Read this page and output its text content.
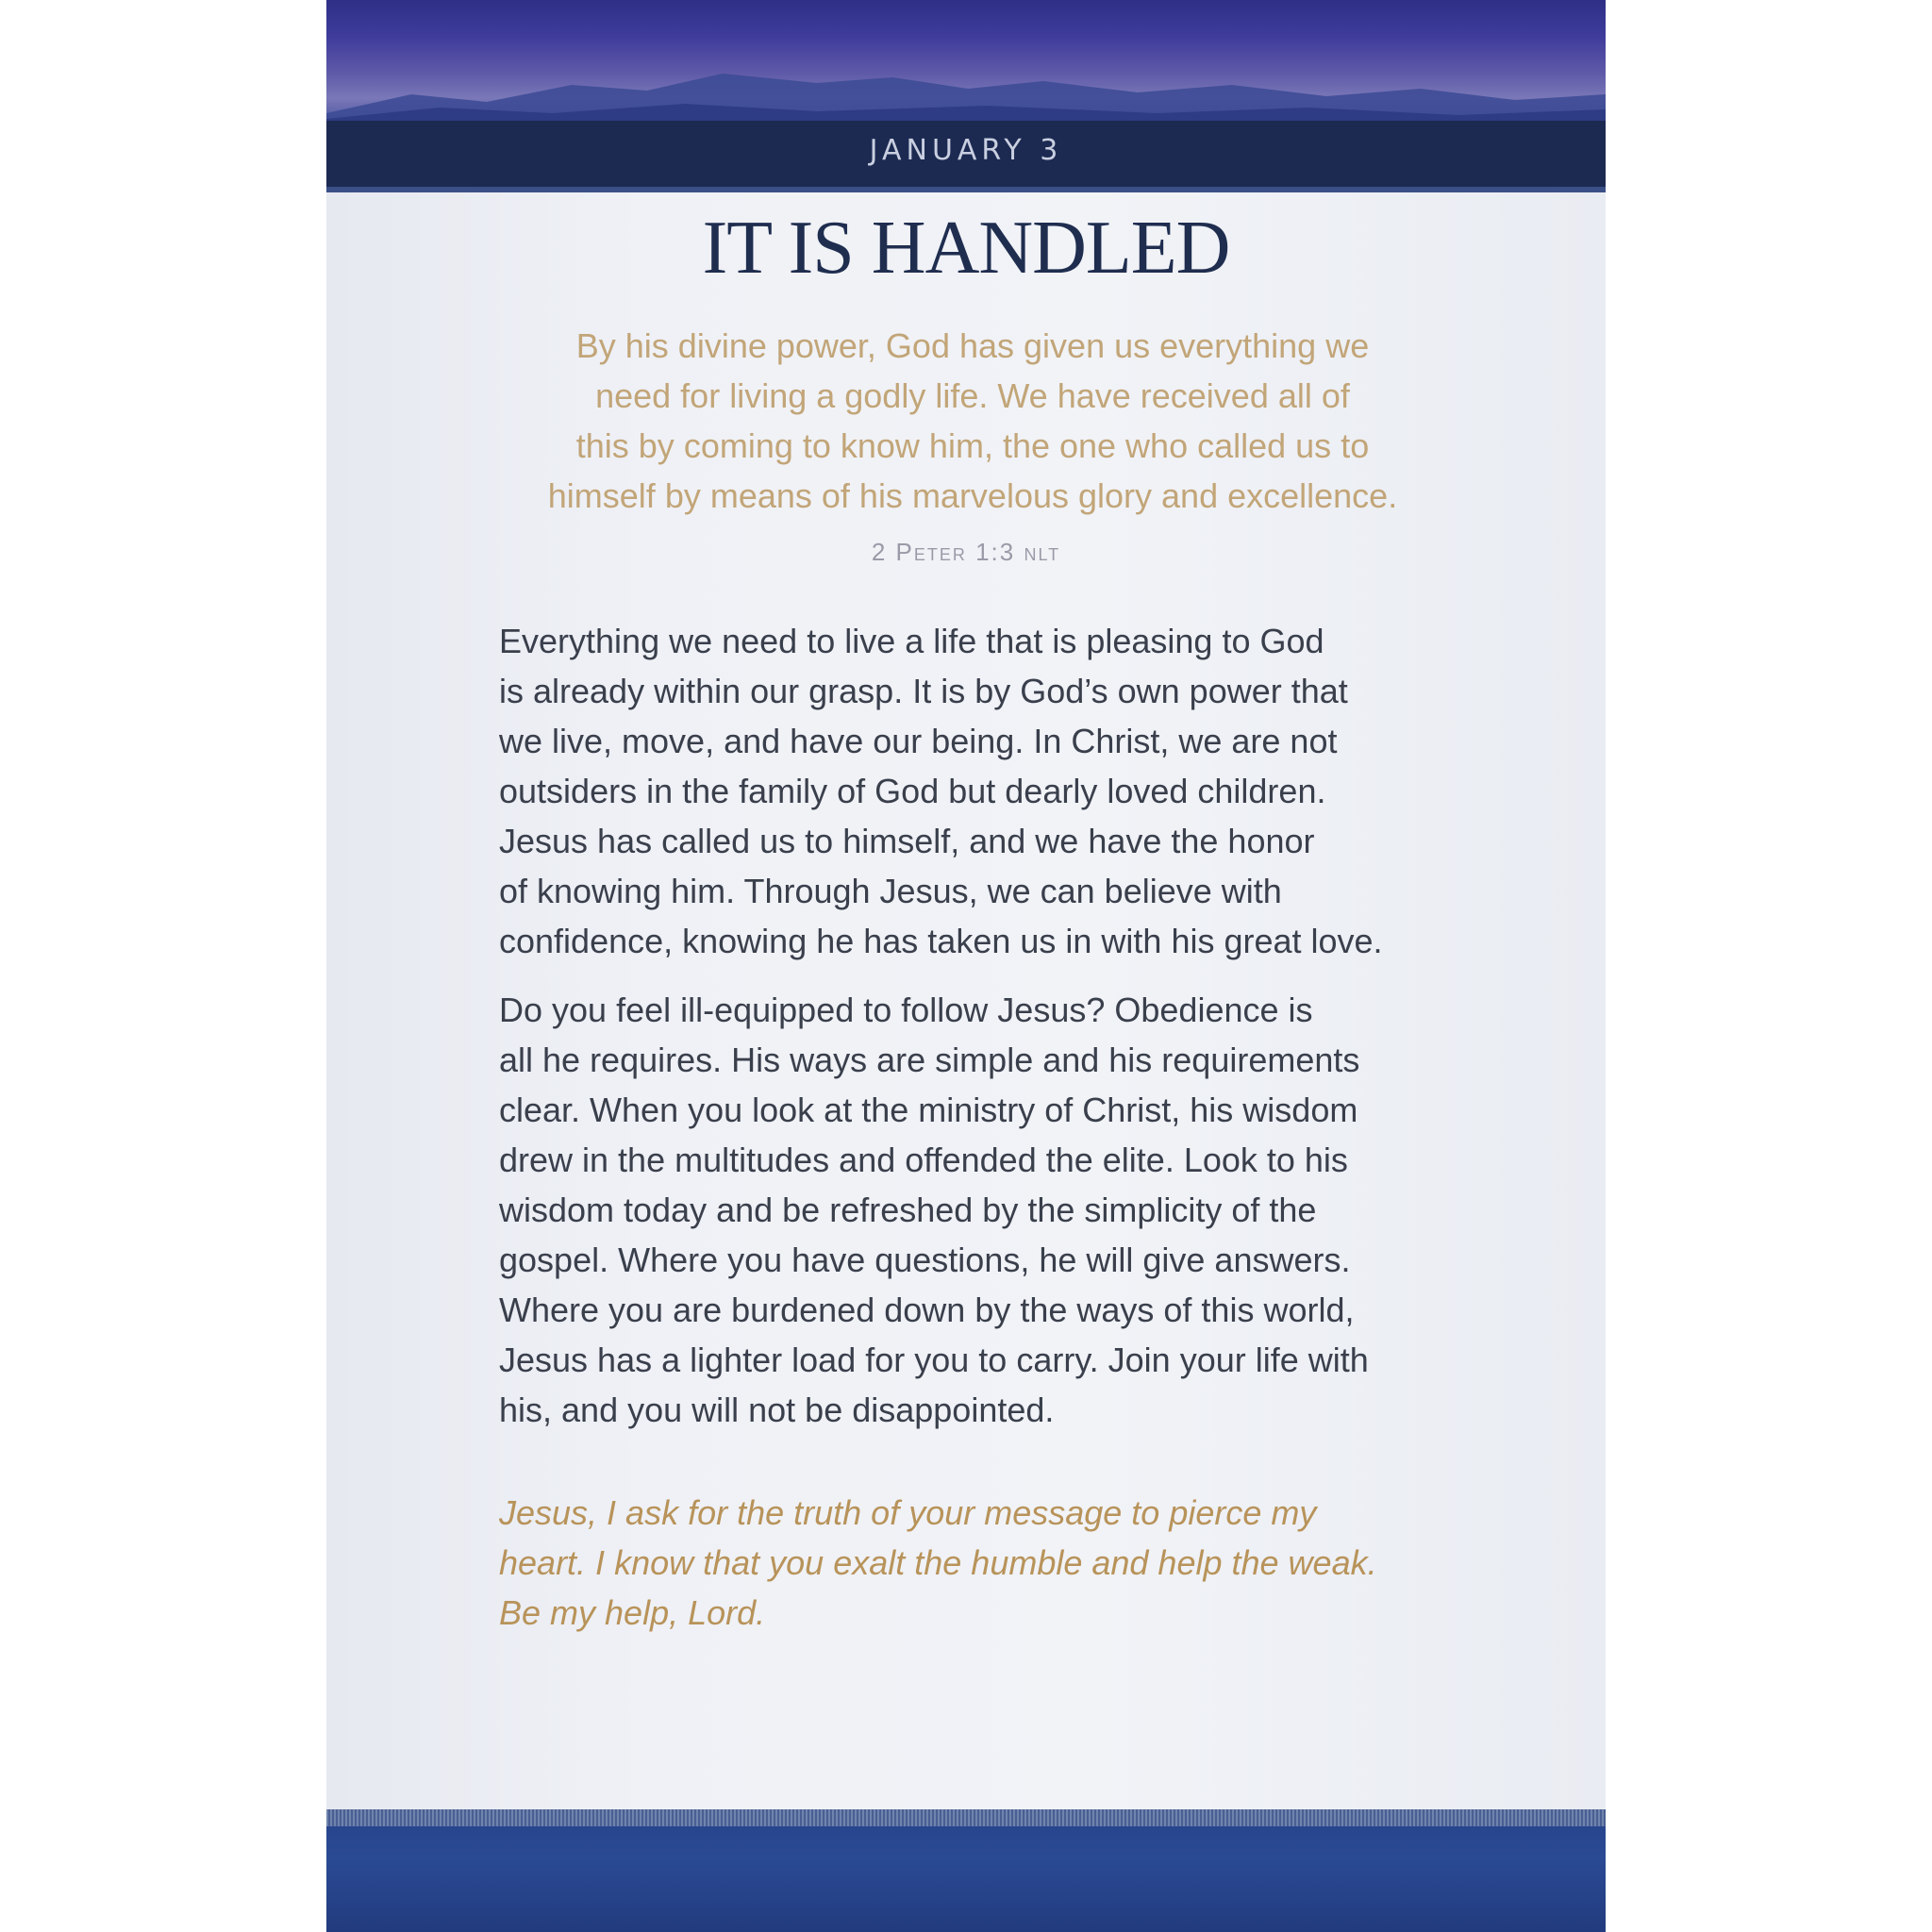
JANUARY 3
IT IS HANDLED
By his divine power, God has given us everything we
need for living a godly life. We have received all of
this by coming to know him, the one who called us to
himself by means of his marvelous glory and excellence.
2 Peter 1:3 nlt
Everything we need to live a life that is pleasing to God
is already within our grasp. It is by God’s own power that
we live, move, and have our being. In Christ, we are not
outsiders in the family of God but dearly loved children.
Jesus has called us to himself, and we have the honor
of knowing him. Through Jesus, we can believe with
confidence, knowing he has taken us in with his great love.
Do you feel ill-equipped to follow Jesus? Obedience is
all he requires. His ways are simple and his requirements
clear. When you look at the ministry of Christ, his wisdom
drew in the multitudes and offended the elite. Look to his
wisdom today and be refreshed by the simplicity of the
gospel. Where you have questions, he will give answers.
Where you are burdened down by the ways of this world,
Jesus has a lighter load for you to carry. Join your life with
his, and you will not be disappointed.
Jesus, I ask for the truth of your message to pierce my
heart. I know that you exalt the humble and help the weak.
Be my help, Lord.
